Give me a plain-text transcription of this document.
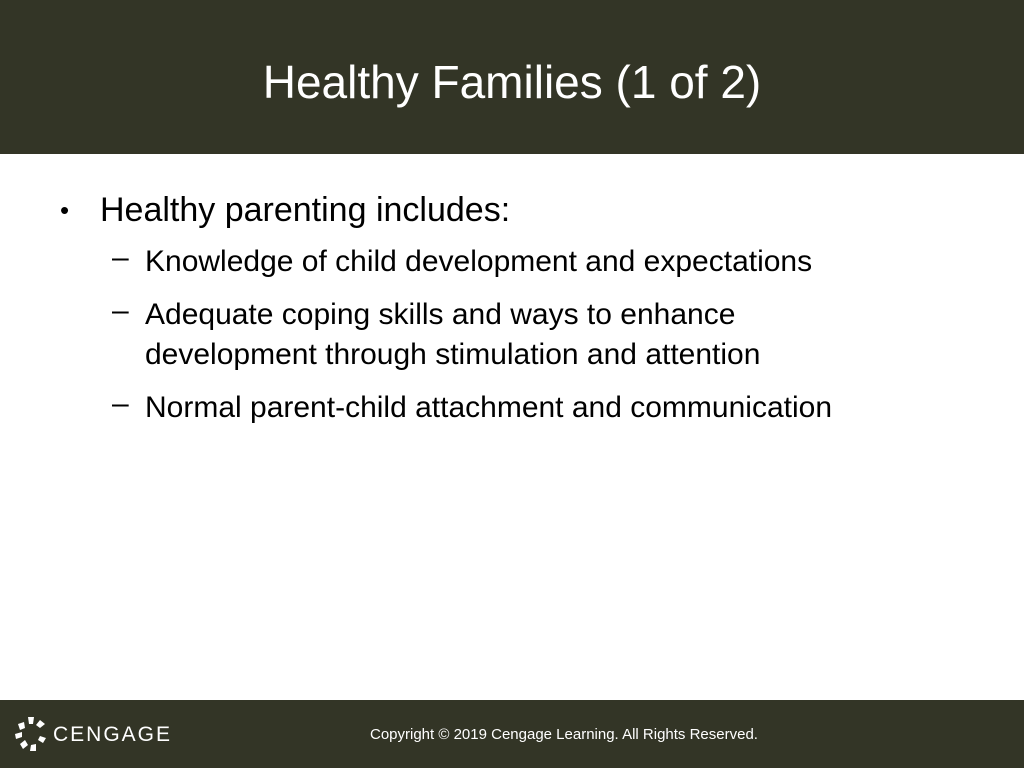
Healthy Families (1 of 2)
• Healthy parenting includes:
– Knowledge of child development and expectations
– Adequate coping skills and ways to enhance
development through stimulation and attention
– Normal parent-child attachment and communication
CENGAGE	Copyright © 2019 Cengage Learning. All Rights Reserved.
